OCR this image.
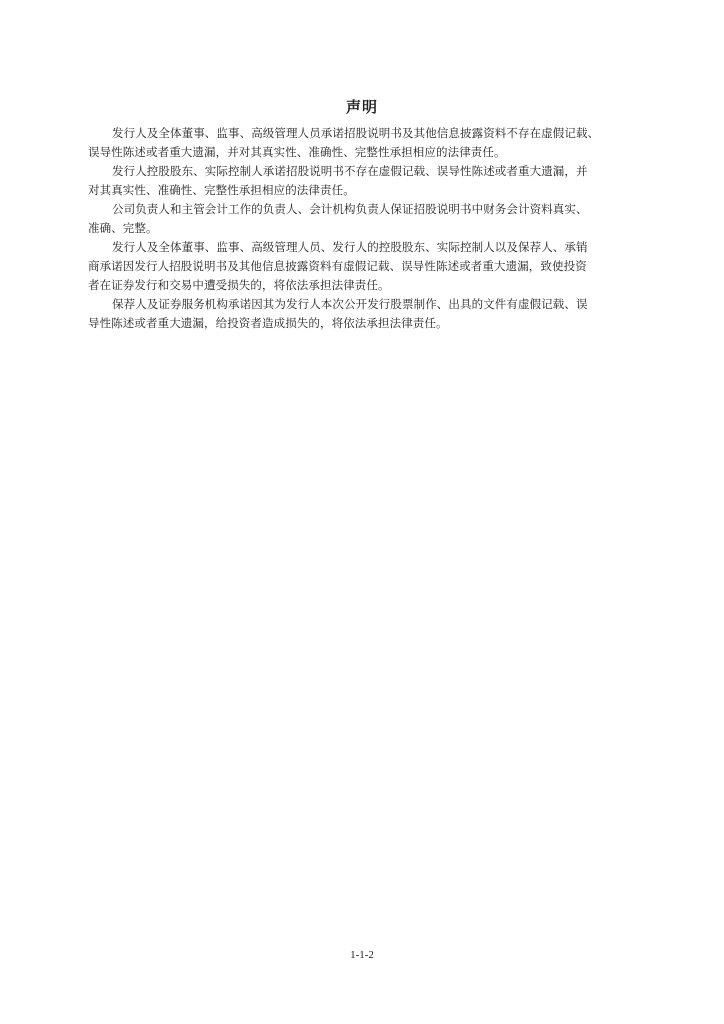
声明

发行人及全体董事、监事、高级管理人员承诺招股说明书及其他信息披露资料不存在虚假记载、
误导性陈述或者重大遗漏，并对其真实性、准确性、完整性承担相应的法律责任。

发行人控股股东、实际控制人承诺招股说明书不存在虚假记载、误导性陈述或者重大遗漏，并
对其真实性、准确性、完整性承担相应的法律责任。

公司负责人和主管会计工作的负责人、会计机构负责人保证招股说明书中财务会计资料真实、
准确、完整。

发行人及全体董事、监事、高级管理人员、发行人的控股股东、实际控制人以及保荐人、承销
商承诺因发行人招股说明书及其他信息披露资料有虚假记载、误导性陈述或者重大遗漏，致使投资
者在证券发行和交易中遭受损失的，将依法承担法律责任。

保荐人及证券服务机构承诺因其为发行人本次公开发行股票制作、出具的文件有虚假记载、误
导性陈述或者重大遗漏，给投资者造成损失的，将依法承担法律责任。

1-1-2
